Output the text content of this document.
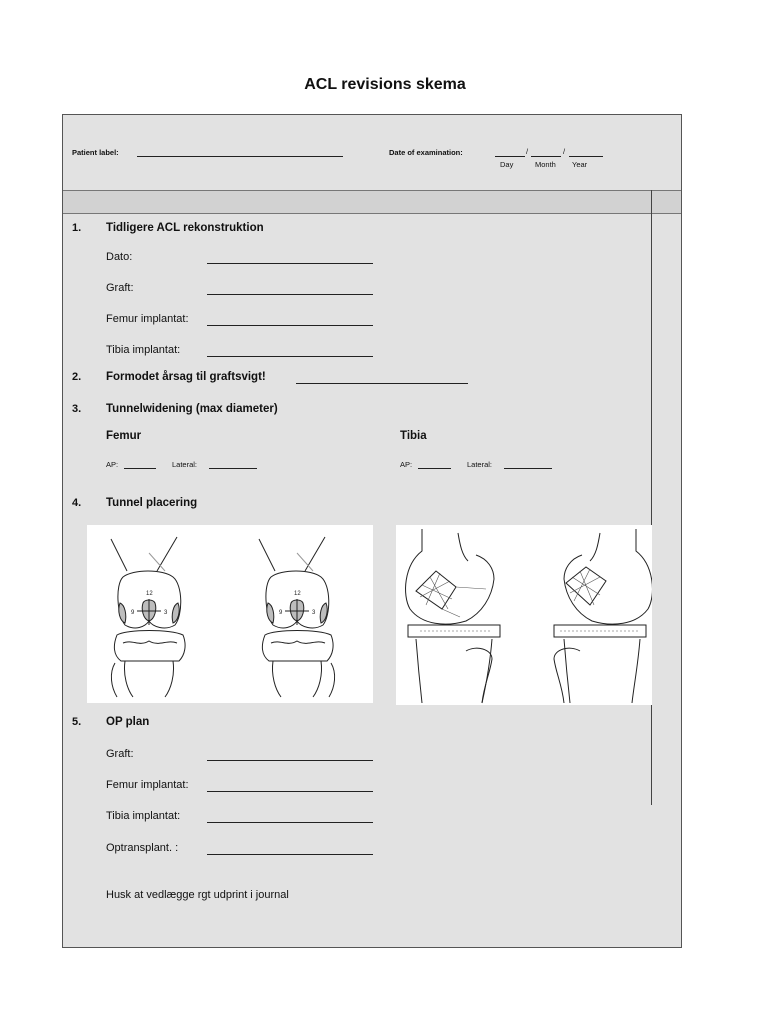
ACL revisions skema
Patient label:	Date of examination:	/	/
Day	Month Year
1. Tidligere ACL rekonstruktion
Dato:
Graft:
Femur implantat:
Tibia implantat:
2. Formodet årsag til graftsvigt!
3. Tunnelwidening (max diameter)
Femur	Tibia
AP:	Lateral:	AP:	Lateral:
4. Tunnel placering
12
9	3
12
9	3
5. OP plan
Graft:
Femur implantat:
Tibia implantat:
Optransplant. :
Husk at vedlægge rgt udprint i journal
